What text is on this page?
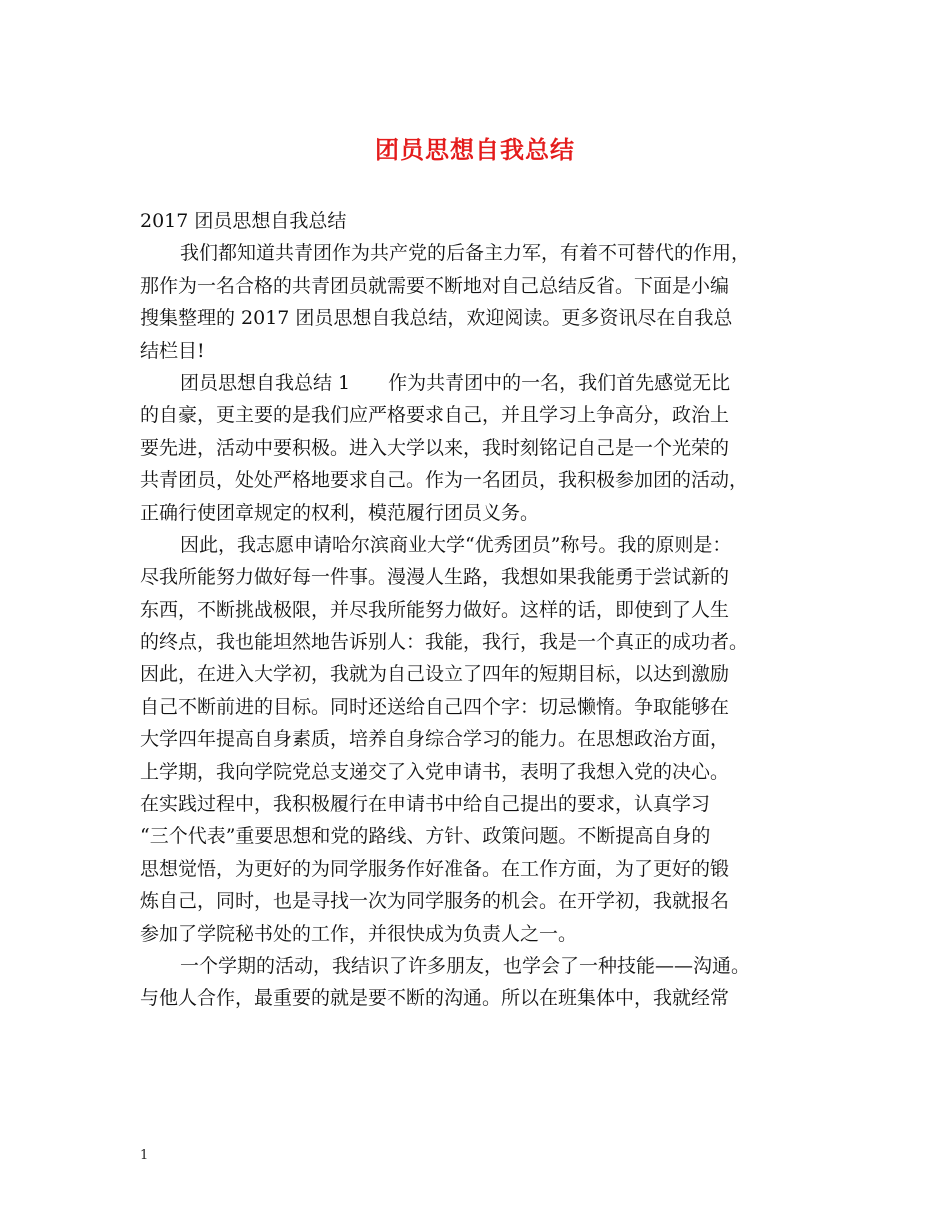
团员思想自我总结
2017 团员思想自我总结
我们都知道共青团作为共产党的后备主力军，有着不可替代的作用，
那作为一名合格的共青团员就需要不断地对自己总结反省。下面是小编
搜集整理的 2017 团员思想自我总结，欢迎阅读。更多资讯尽在自我总
结栏目!
团员思想自我总结 1　　作为共青团中的一名，我们首先感觉无比
的自豪，更主要的是我们应严格要求自己，并且学习上争高分，政治上
要先进，活动中要积极。进入大学以来，我时刻铭记自己是一个光荣的
共青团员，处处严格地要求自己。作为一名团员，我积极参加团的活动，
正确行使团章规定的权利，模范履行团员义务。
因此，我志愿申请哈尔滨商业大学“优秀团员”称号。我的原则是：
尽我所能努力做好每一件事。漫漫人生路，我想如果我能勇于尝试新的
东西，不断挑战极限，并尽我所能努力做好。这样的话，即使到了人生
的终点，我也能坦然地告诉别人：我能，我行，我是一个真正的成功者。
因此，在进入大学初，我就为自己设立了四年的短期目标，以达到激励
自己不断前进的目标。同时还送给自己四个字：切忌懒惰。争取能够在
大学四年提高自身素质，培养自身综合学习的能力。在思想政治方面，
上学期，我向学院党总支递交了入党申请书，表明了我想入党的决心。
在实践过程中，我积极履行在申请书中给自己提出的要求，认真学习
“三个代表”重要思想和党的路线、方针、政策问题。不断提高自身的
思想觉悟，为更好的为同学服务作好准备。在工作方面，为了更好的锻
炼自己，同时，也是寻找一次为同学服务的机会。在开学初，我就报名
参加了学院秘书处的工作，并很快成为负责人之一。
一个学期的活动，我结识了许多朋友，也学会了一种技能——沟通。
与他人合作，最重要的就是要不断的沟通。所以在班集体中，我就经常
1
